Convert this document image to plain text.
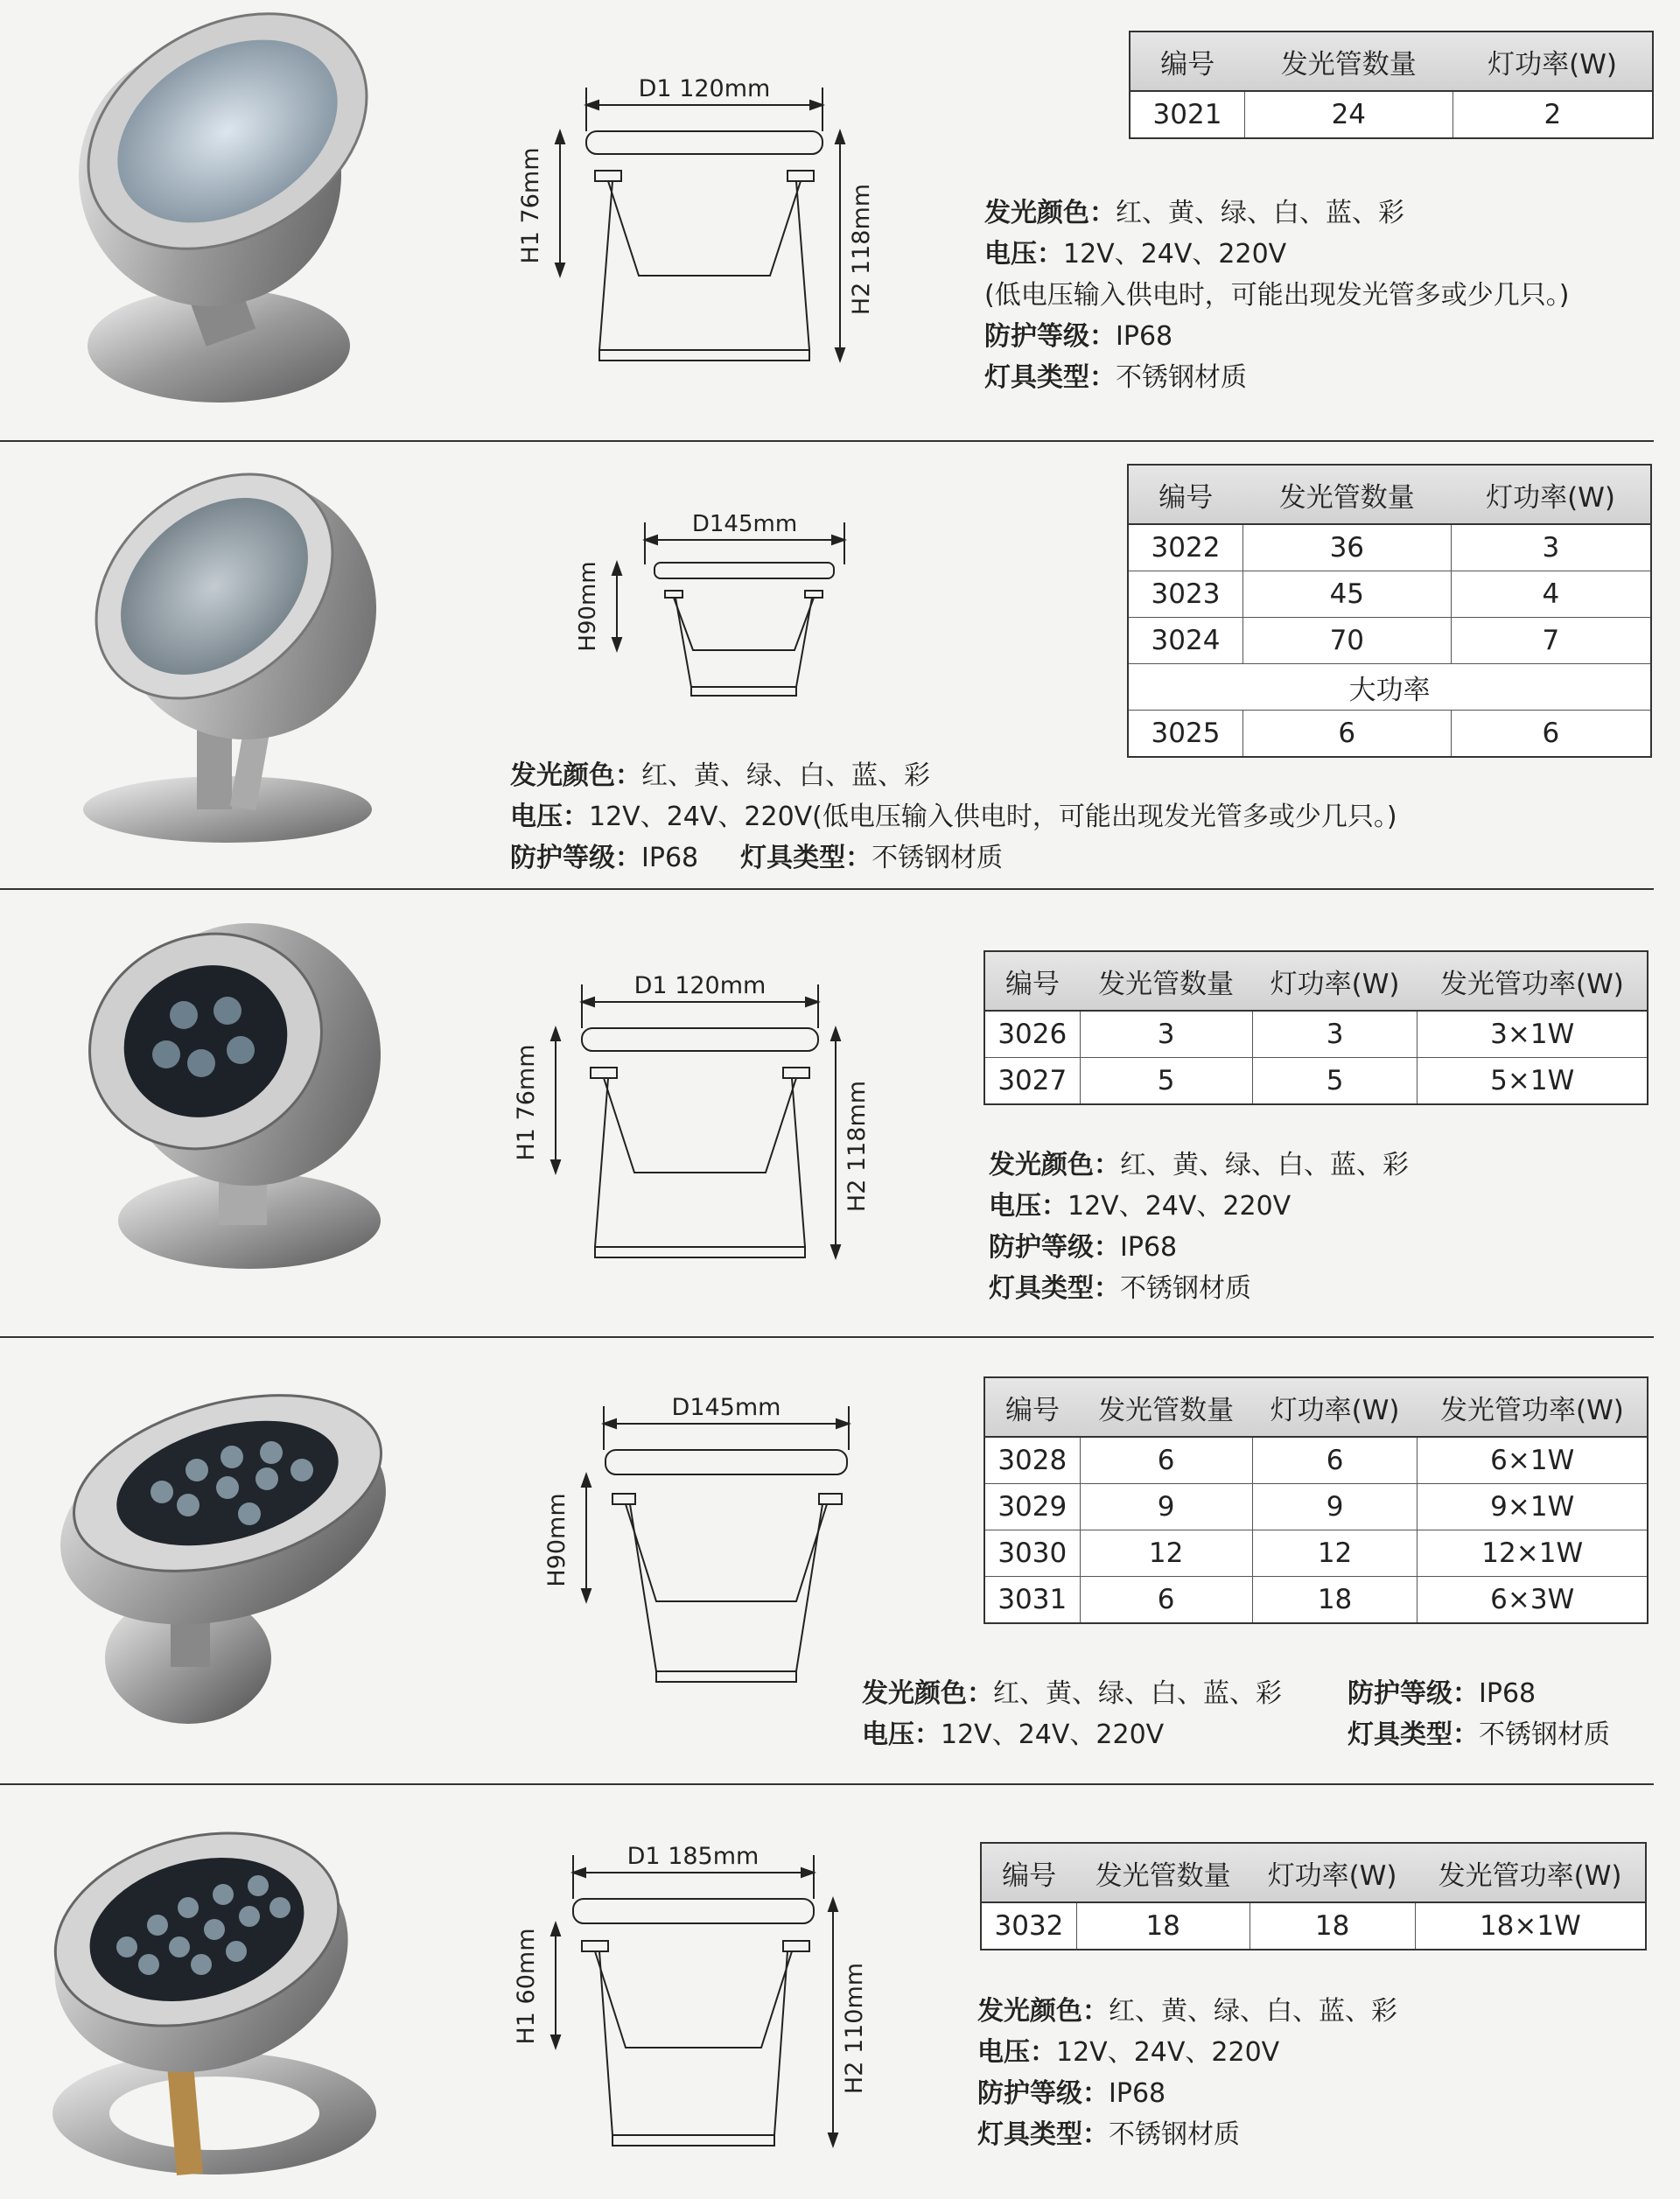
D1 120mm
H1 76mm	H2 118mm
编号	发光管数量	灯功率(W)
3021	24	2
发光颜色：红、黄、绿、白、蓝、彩
电压：12V、24V、220V
(低电压输入供电时，可能出现发光管多或少几只。)
防护等级：IP68
灯具类型：不锈钢材质
D145mm
H90mm
编号	发光管数量	灯功率(W)
3022	36	3
3023	45	4
3024	70	7
大功率		
3025	6	6
发光颜色：红、黄、绿、白、蓝、彩
电压：12V、24V、220V(低电压输入供电时，可能出现发光管多或少几只。)
防护等级：IP68 灯具类型：不锈钢材质
D1 120mm
H1 76mm	H2 118mm
编号	发光管数量	灯功率(W)	发光管功率(W)
3026	3	3	3×1W
3027	5	5	5×1W
发光颜色：红、黄、绿、白、蓝、彩
电压：12V、24V、220V
防护等级：IP68
灯具类型：不锈钢材质
D145mm
H90mm
编号	发光管数量	灯功率(W)	发光管功率(W)
3028	6	6	6×1W
3029	9	9	9×1W
3030	12	12	12×1W
3031	6	18	6×3W
发光颜色：红、黄、绿、白、蓝、彩
电压：12V、24V、220V
防护等级：IP68
灯具类型：不锈钢材质
D1 185mm
H1 60mm	H2 110mm
编号	发光管数量	灯功率(W)	发光管功率(W)
3032	18	18	18×1W
发光颜色：红、黄、绿、白、蓝、彩
电压：12V、24V、220V
防护等级：IP68
灯具类型：不锈钢材质
